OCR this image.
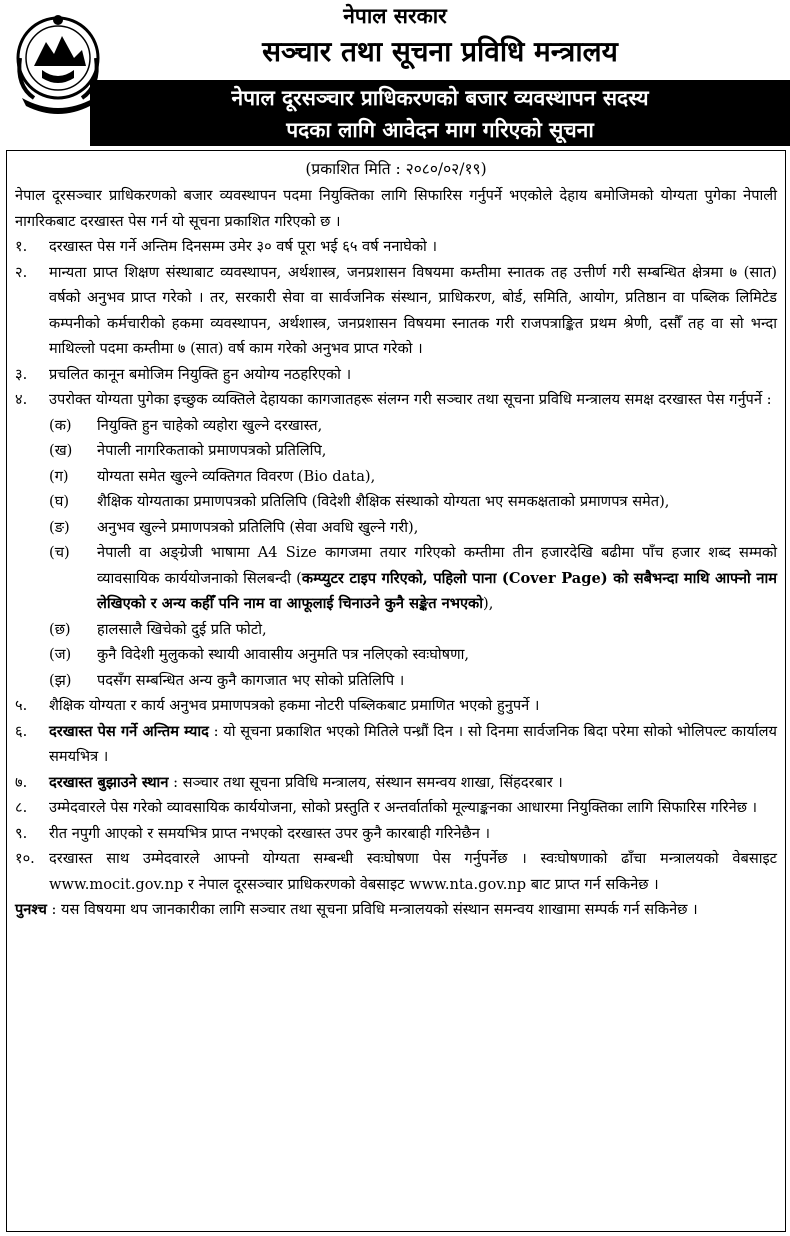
नेपाल सरकार
सञ्चार तथा सूचना प्रविधि मन्त्रालय
नेपाल दूरसञ्चार प्राधिकरणको बजार व्यवस्थापन सदस्य
पदका लागि आवेदन माग गरिएको सूचना
(प्रकाशित मिति : २०८०/०२/१९)
नेपाल दूरसञ्चार प्राधिकरणको बजार व्यवस्थापन पदमा नियुक्तिका लागि सिफारिस गर्नुपर्ने भएकोले देहाय बमोजिमको योग्यता पुगेका नेपाली नागरिकबाट दरखास्त पेस गर्न यो सूचना प्रकाशित गरिएको छ ।
१.	दरखास्त पेस गर्ने अन्तिम दिनसम्म उमेर ३० वर्ष पूरा भई ६५ वर्ष ननाघेको ।
२.	मान्यता प्राप्त शिक्षण संस्थाबाट व्यवस्थापन, अर्थशास्त्र, जनप्रशासन विषयमा कम्तीमा स्नातक तह उत्तीर्ण गरी सम्बन्धित क्षेत्रमा ७ (सात) वर्षको अनुभव प्राप्त गरेको । तर, सरकारी सेवा वा सार्वजनिक संस्थान, प्राधिकरण, बोर्ड, समिति, आयोग, प्रतिष्ठान वा पब्लिक लिमिटेड कम्पनीको कर्मचारीको हकमा व्यवस्थापन, अर्थशास्त्र, जनप्रशासन विषयमा स्नातक गरी राजपत्राङ्कित प्रथम श्रेणी, दसौँ तह वा सो भन्दा माथिल्लो पदमा कम्तीमा ७ (सात) वर्ष काम गरेको अनुभव प्राप्त गरेको ।
३.	प्रचलित कानून बमोजिम नियुक्ति हुन अयोग्य नठहरिएको ।
४.	उपरोक्त योग्यता पुगेका इच्छुक व्यक्तिले देहायका कागजातहरू संलग्न गरी सञ्चार तथा सूचना प्रविधि मन्त्रालय समक्ष दरखास्त पेस गर्नुपर्ने :
(क)	नियुक्ति हुन चाहेको व्यहोरा खुल्ने दरखास्त,
(ख)	नेपाली नागरिकताको प्रमाणपत्रको प्रतिलिपि,
(ग)	योग्यता समेत खुल्ने व्यक्तिगत विवरण (Bio data),
(घ)	शैक्षिक योग्यताका प्रमाणपत्रको प्रतिलिपि (विदेशी शैक्षिक संस्थाको योग्यता भए समकक्षताको प्रमाणपत्र समेत),
(ङ)	अनुभव खुल्ने प्रमाणपत्रको प्रतिलिपि (सेवा अवधि खुल्ने गरी),
(च)	नेपाली वा अङ्ग्रेजी भाषामा A4 Size कागजमा तयार गरिएको कम्तीमा तीन हजारदेखि बढीमा पाँच हजार शब्द सम्मको व्यावसायिक कार्ययोजनाको सिलबन्दी (कम्प्युटर टाइप गरिएको, पहिलो पाना (Cover Page) को सबैभन्दा माथि आफ्नो नाम लेखिएको र अन्य कहीँ पनि नाम वा आफूलाई चिनाउने कुनै सङ्केत नभएको),
(छ)	हालसालै खिचेको दुई प्रति फोटो,
(ज)	कुनै विदेशी मुलुकको स्थायी आवासीय अनुमति पत्र नलिएको स्वःघोषणा,
(झ)	पदसँग सम्बन्धित अन्य कुनै कागजात भए सोको प्रतिलिपि ।
५.	शैक्षिक योग्यता र कार्य अनुभव प्रमाणपत्रको हकमा नोटरी पब्लिकबाट प्रमाणित भएको हुनुपर्ने ।
६.	दरखास्त पेस गर्ने अन्तिम म्याद : यो सूचना प्रकाशित भएको मितिले पन्ध्रौं दिन । सो दिनमा सार्वजनिक बिदा परेमा सोको भोलिपल्ट कार्यालय समयभित्र ।
७.	दरखास्त बुझाउने स्थान : सञ्चार तथा सूचना प्रविधि मन्त्रालय, संस्थान समन्वय शाखा, सिंहदरबार ।
८.	उम्मेदवारले पेस गरेको व्यावसायिक कार्ययोजना, सोको प्रस्तुति र अन्तर्वार्ताको मूल्याङ्कनका आधारमा नियुक्तिका लागि सिफारिस गरिनेछ ।
९.	रीत नपुगी आएको र समयभित्र प्राप्त नभएको दरखास्त उपर कुनै कारबाही गरिनेछैन ।
१०. दरखास्त साथ उम्मेदवारले आफ्नो योग्यता सम्बन्धी स्वःघोषणा पेस गर्नुपर्नेछ । स्वःघोषणाको ढाँचा मन्त्रालयको वेबसाइट www.mocit.gov.np र नेपाल दूरसञ्चार प्राधिकरणको वेबसाइट www.nta.gov.np बाट प्राप्त गर्न सकिनेछ ।
पुनश्च : यस विषयमा थप जानकारीका लागि सञ्चार तथा सूचना प्रविधि मन्त्रालयको संस्थान समन्वय शाखामा सम्पर्क गर्न सकिनेछ ।
